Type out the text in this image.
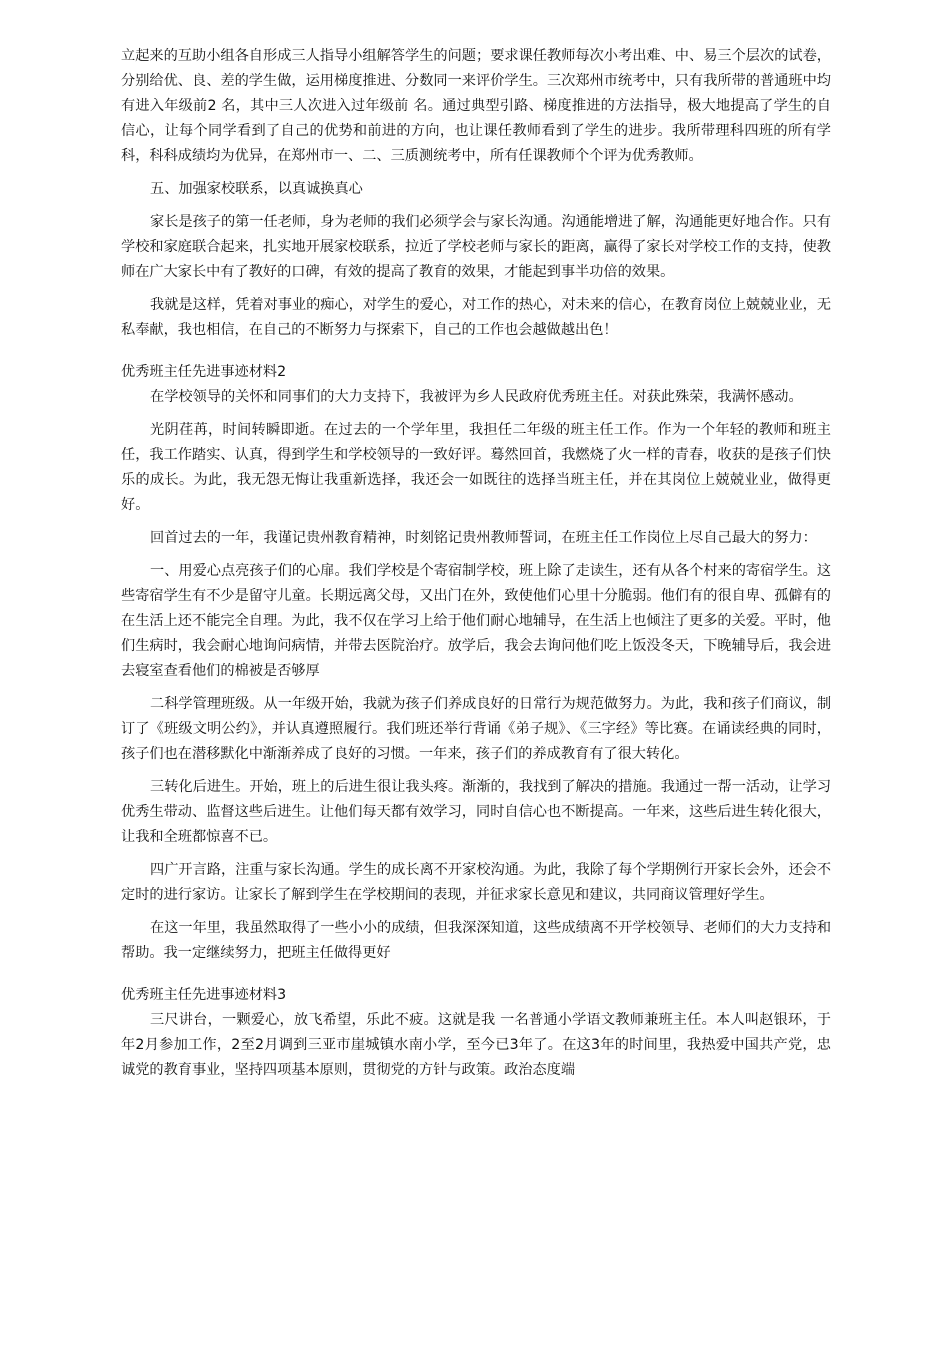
立起来的互助小组各自形成三人指导小组解答学生的问题；要求课任教师每次小考出难、中、易三个层次的试卷，分别给优、良、差的学生做，运用梯度推进、分数同一来评价学生。三次郑州市统考中，只有我所带的普通班中均有进入年级前2 名，其中三人次进入过年级前 名。通过典型引路、梯度推进的方法指导，极大地提高了学生的自信心，让每个同学看到了自己的优势和前进的方向，也让课任教师看到了学生的进步。我所带理科四班的所有学科，科科成绩均为优异，在郑州市一、二、三质测统考中，所有任课教师个个评为优秀教师。

五、加强家校联系，以真诚换真心

家长是孩子的第一任老师，身为老师的我们必须学会与家长沟通。沟通能增进了解，沟通能更好地合作。只有学校和家庭联合起来，扎实地开展家校联系，拉近了学校老师与家长的距离，赢得了家长对学校工作的支持，使教师在广大家长中有了教好的口碑，有效的提高了教育的效果，才能起到事半功倍的效果。

我就是这样，凭着对事业的痴心，对学生的爱心，对工作的热心，对未来的信心，在教育岗位上兢兢业业，无私奉献，我也相信，在自己的不断努力与探索下，自己的工作也会越做越出色！

优秀班主任先进事迹材料2

在学校领导的关怀和同事们的大力支持下，我被评为乡人民政府优秀班主任。对获此殊荣，我满怀感动。

光阴荏苒，时间转瞬即逝。在过去的一个学年里，我担任二年级的班主任工作。作为一个年轻的教师和班主任，我工作踏实、认真，得到学生和学校领导的一致好评。蓦然回首，我燃烧了火一样的青春，收获的是孩子们快乐的成长。为此，我无怨无悔让我重新选择，我还会一如既往的选择当班主任，并在其岗位上兢兢业业，做得更好。

回首过去的一年，我谨记贵州教育精神，时刻铭记贵州教师誓词，在班主任工作岗位上尽自己最大的努力：

一、用爱心点亮孩子们的心扉。我们学校是个寄宿制学校，班上除了走读生，还有从各个村来的寄宿学生。这些寄宿学生有不少是留守儿童。长期远离父母，又出门在外，致使他们心里十分脆弱。他们有的很自卑、孤僻有的在生活上还不能完全自理。为此，我不仅在学习上给于他们耐心地辅导，在生活上也倾注了更多的关爱。平时，他们生病时，我会耐心地询问病情，并带去医院治疗。放学后，我会去询问他们吃上饭没冬天，下晚辅导后，我会进去寝室查看他们的棉被是否够厚

二科学管理班级。从一年级开始，我就为孩子们养成良好的日常行为规范做努力。为此，我和孩子们商议，制订了《班级文明公约》，并认真遵照履行。我们班还举行背诵《弟子规》、《三字经》等比赛。在诵读经典的同时，孩子们也在潜移默化中渐渐养成了良好的习惯。一年来，孩子们的养成教育有了很大转化。

三转化后进生。开始，班上的后进生很让我头疼。渐渐的，我找到了解决的措施。我通过一帮一活动，让学习优秀生带动、监督这些后进生。让他们每天都有效学习，同时自信心也不断提高。一年来，这些后进生转化很大，让我和全班都惊喜不已。

四广开言路，注重与家长沟通。学生的成长离不开家校沟通。为此，我除了每个学期例行开家长会外，还会不定时的进行家访。让家长了解到学生在学校期间的表现，并征求家长意见和建议，共同商议管理好学生。

在这一年里，我虽然取得了一些小小的成绩，但我深深知道，这些成绩离不开学校领导、老师们的大力支持和帮助。我一定继续努力，把班主任做得更好

优秀班主任先进事迹材料3

三尺讲台，一颗爱心，放飞希望，乐此不疲。这就是我 一名普通小学语文教师兼班主任。本人叫赵银环，于年2月参加工作，2至2月调到三亚市崖城镇水南小学，至今已3年了。在这3年的时间里，我热爱中国共产党，忠诚党的教育事业，坚持四项基本原则，贯彻党的方针与政策。政治态度端
